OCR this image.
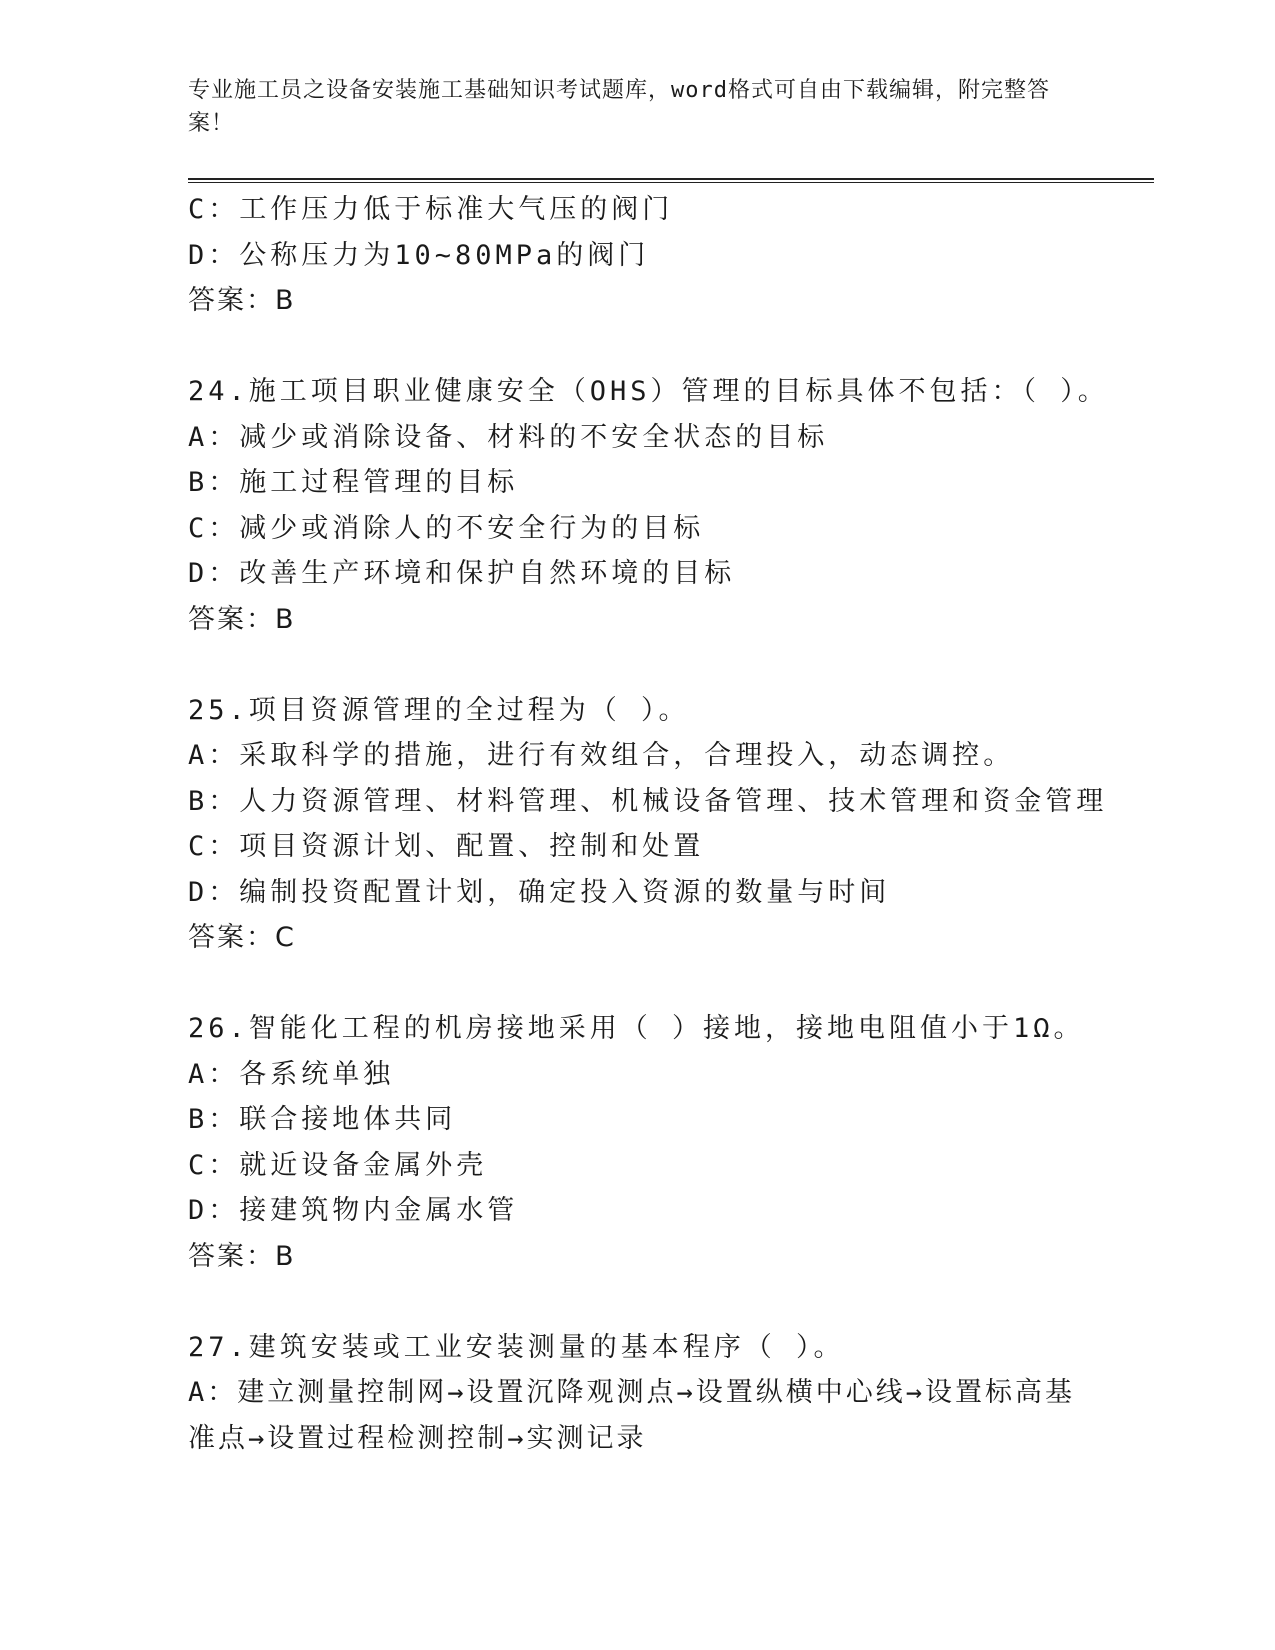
专业施工员之设备安装施工基础知识考试题库，word格式可自由下载编辑，附完整答案！
C：工作压力低于标准大气压的阀门
D：公称压力为10~80MPa的阀门
答案：B
24.施工项目职业健康安全（OHS）管理的目标具体不包括：（ ）。
A：减少或消除设备、材料的不安全状态的目标
B：施工过程管理的目标
C：减少或消除人的不安全行为的目标
D：改善生产环境和保护自然环境的目标
答案：B
25.项目资源管理的全过程为（ ）。
A：采取科学的措施，进行有效组合，合理投入，动态调控。
B：人力资源管理、材料管理、机械设备管理、技术管理和资金管理
C：项目资源计划、配置、控制和处置
D：编制投资配置计划，确定投入资源的数量与时间
答案：C
26.智能化工程的机房接地采用（ ）接地，接地电阻值小于1Ω。
A：各系统单独
B：联合接地体共同
C：就近设备金属外壳
D：接建筑物内金属水管
答案：B
27.建筑安装或工业安装测量的基本程序（ ）。
A：建立测量控制网→设置沉降观测点→设置纵横中心线→设置标高基准点→设置过程检测控制→实测记录
